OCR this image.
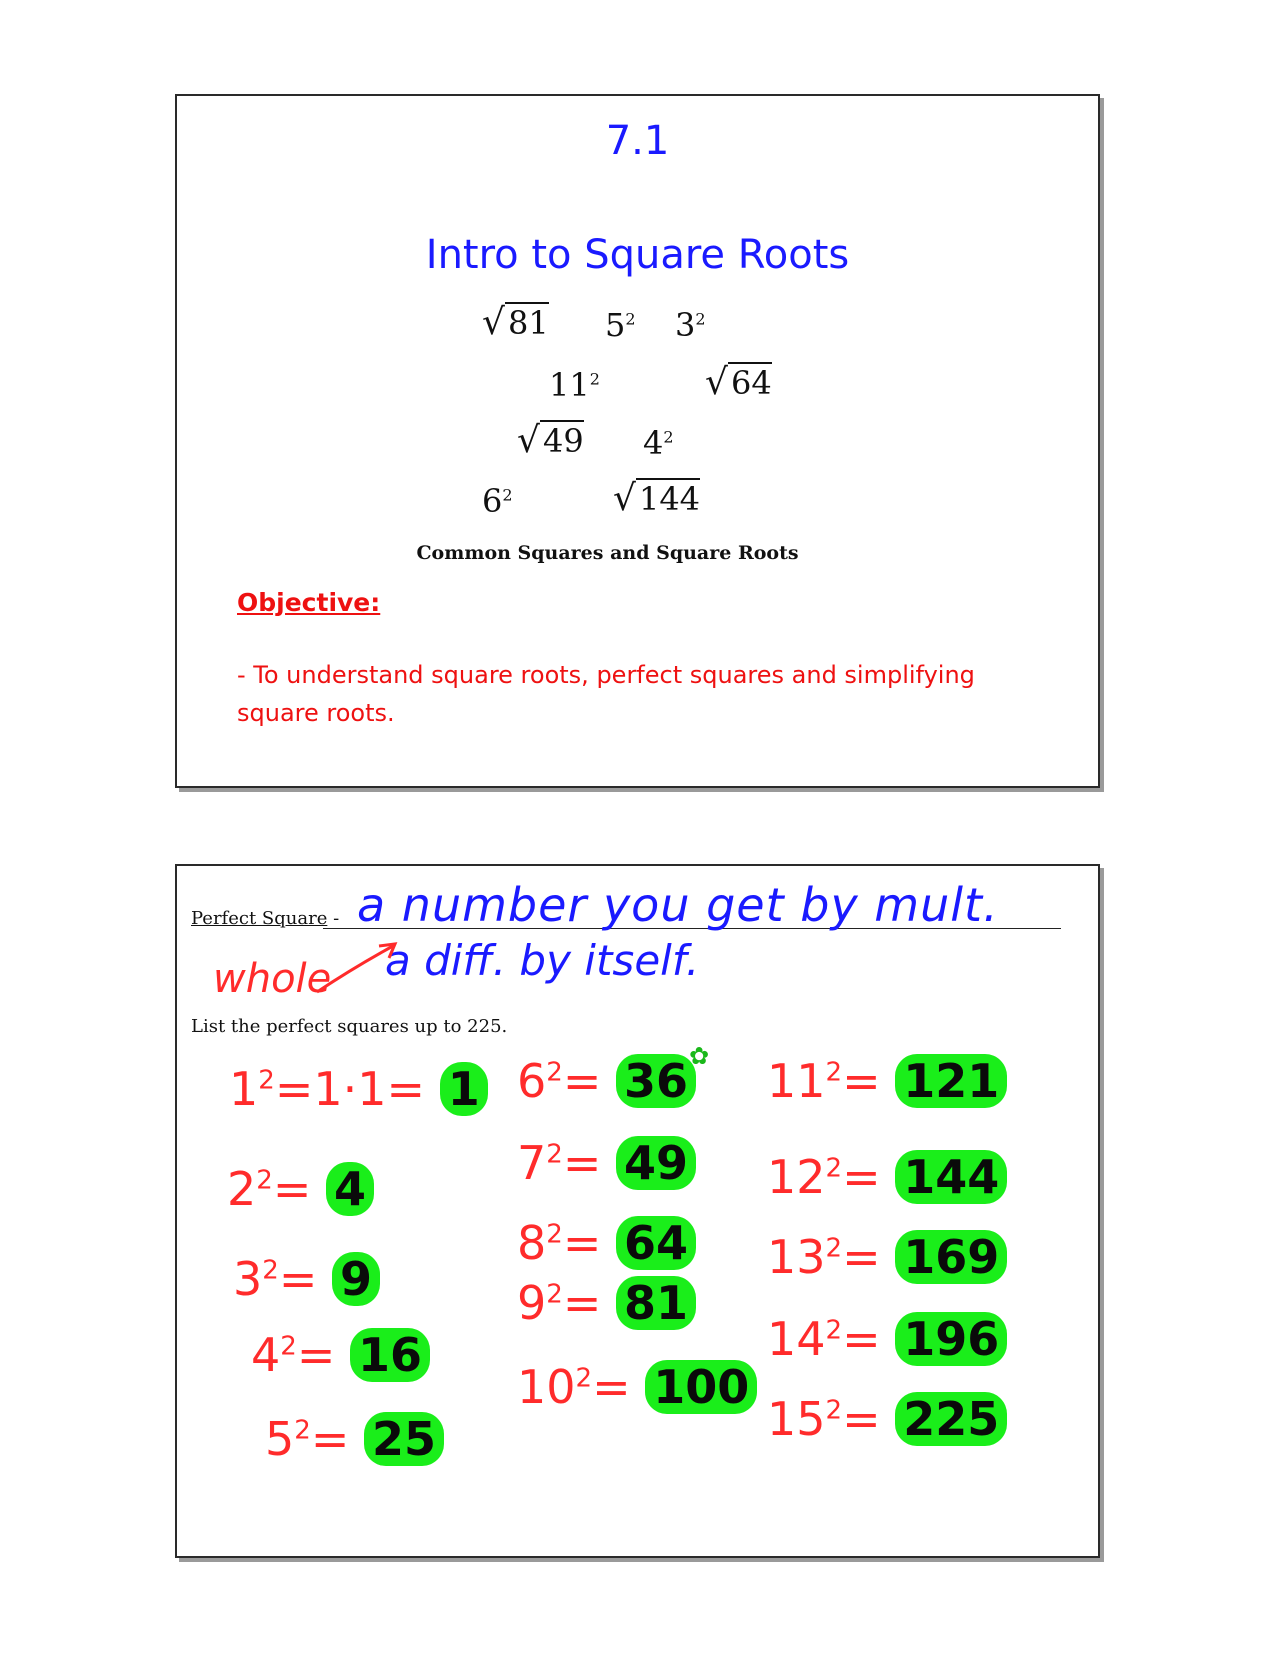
7.1
Intro to Square Roots
√81 $5^2$ $3^2$
$11^2$	√64
√49 $4^2$
$6^2$	√144
Common Squares and Square Roots
Objective:
- To understand square roots, perfect squares and simplifying square roots.
Perfect Square - a number you get by mult.
a diff. by itself.
whole
List the perfect squares up to 225.
$1^2=1\cdot 1= 1$
$2^2= 4$
$3^2= 9$
$4^2= 16$
$5^2= 25$
$6^2= 36$
$7^2= 49$
$8^2= 64$
$9^2= 81$
$10^2= 100$
✿ $11^2= 121$
$12^2= 144$
$13^2= 169$
$14^2= 196$
$15^2= 225$
